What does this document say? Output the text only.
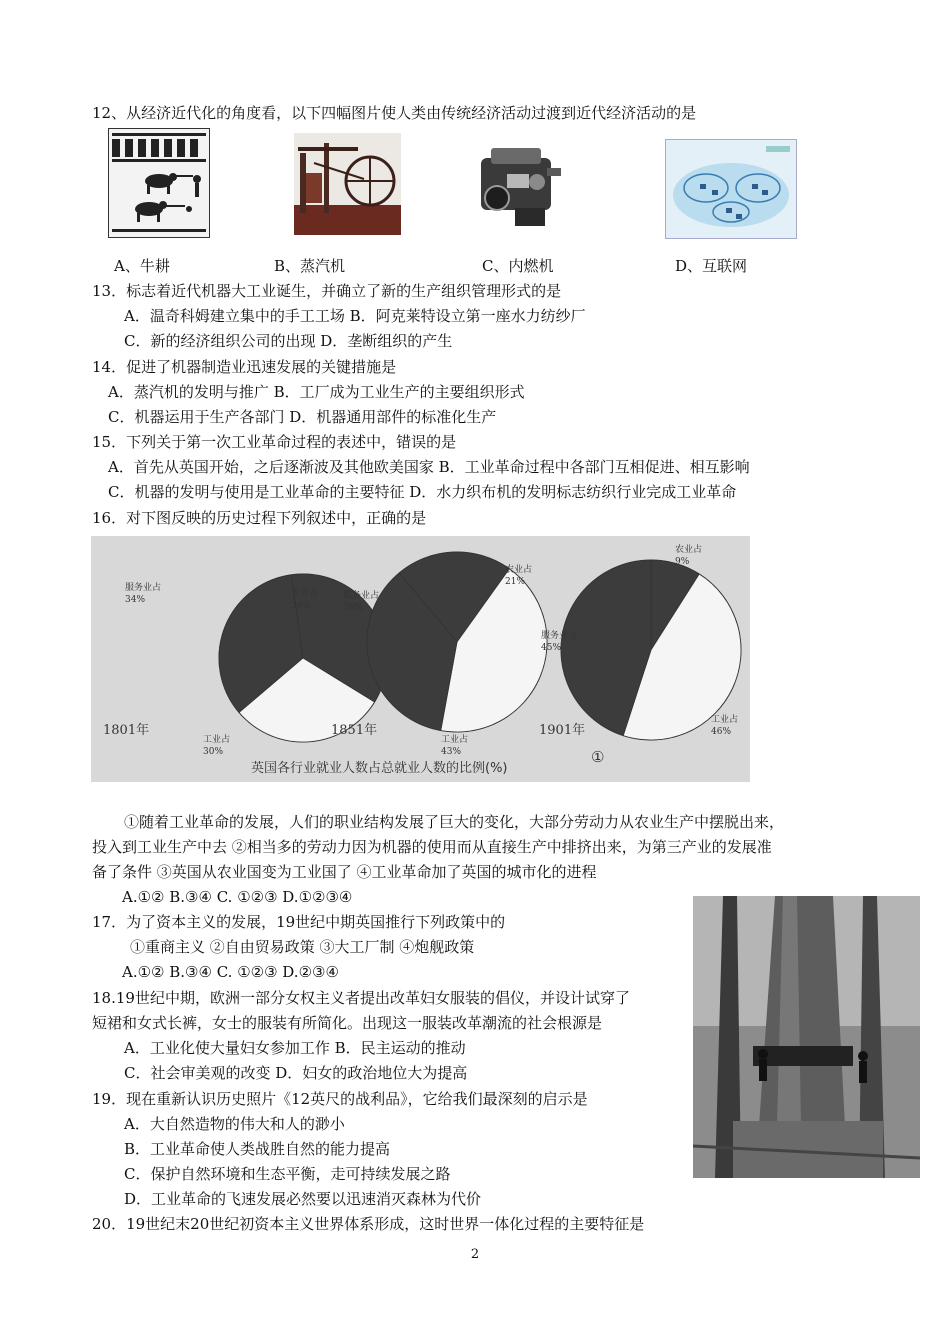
12、从经济近代化的角度看，以下四幅图片使人类由传统经济活动过渡到近代经济活动的是
A、牛耕	B、蒸汽机	C、内燃机	D、互联网
13．标志着近代机器大工业诞生，并确立了新的生产组织管理形式的是
A．温奇科姆建立集中的手工工场 B．阿克莱特设立第一座水力纺纱厂
C．新的经济组织公司的出现 D．垄断组织的产生
14．促进了机器制造业迅速发展的关键措施是
A．蒸汽机的发明与推广 B．工厂成为工业生产的主要组织形式
C．机器运用于生产各部门 D．机器通用部件的标准化生产
15．下列关于第一次工业革命过程的表述中，错误的是
A．首先从英国开始，之后逐渐波及其他欧美国家 B．工业革命过程中各部门互相促进、相互影响
C．机器的发明与使用是工业革命的主要特征 D．水力织布机的发明标志纺织行业完成工业革命
16．对下图反映的历史过程下列叙述中，正确的是
农业占
36%
工业占
30%
服务业占
34%
1801年
农业占
21%
工业占
43%
服务业占
36%
1851年
农业占
9%
工业占
46%
服务业占
45%
1901年
英国各行业就业人数占总就业人数的比例(%)
①
①随着工业革命的发展，人们的职业结构发展了巨大的变化，大部分劳动力从农业生产中摆脱出来，
投入到工业生产中去 ②相当多的劳动力因为机器的使用而从直接生产中排挤出来，为第三产业的发展准
备了条件 ③英国从农业国变为工业国了 ④工业革命加了英国的城市化的进程
A.①② B.③④ C. ①②③ D.①②③④
17．为了资本主义的发展，19世纪中期英国推行下列政策中的
①重商主义 ②自由贸易政策 ③大工厂制 ④炮舰政策
A.①② B.③④ C. ①②③ D.②③④
18.19世纪中期，欧洲一部分女权主义者提出改革妇女服装的倡仪，并设计试穿了
短裙和女式长裤，女士的服装有所简化。出现这一服装改革潮流的社会根源是
A．工业化使大量妇女参加工作 B．民主运动的推动
C．社会审美观的改变 D．妇女的政治地位大为提高
19．现在重新认识历史照片《12英尺的战利品》，它给我们最深刻的启示是
A．大自然造物的伟大和人的渺小
B．工业革命使人类战胜自然的能力提高
C．保护自然环境和生态平衡，走可持续发展之路
D．工业革命的飞速发展必然要以迅速消灭森林为代价
20．19世纪末20世纪初资本主义世界体系形成，这时世界一体化过程的主要特征是
2
